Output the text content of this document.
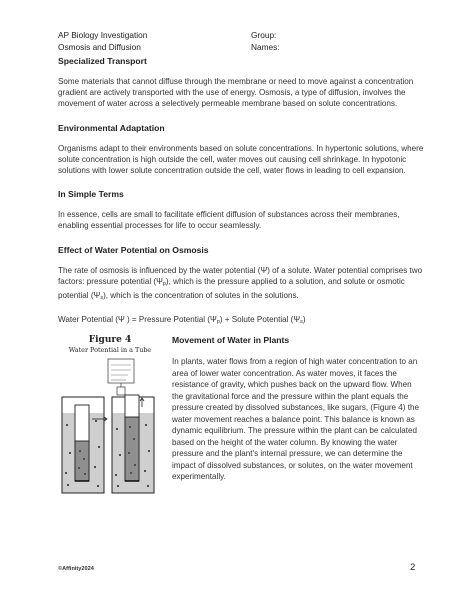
AP Biology Investigation
Osmosis and Diffusion
Group:
Names:
Specialized Transport

Some materials that cannot diffuse through the membrane or need to move against a concentration gradient are actively transported with the use of energy. Osmosis, a type of diffusion, involves the movement of water across a selectively permeable membrane based on solute concentrations.

Environmental Adaptation

Organisms adapt to their environments based on solute concentrations. In hypertonic solutions, where solute concentration is high outside the cell, water moves out causing cell shrinkage. In hypotonic solutions with lower solute concentration outside the cell, water flows in leading to cell expansion.

In Simple Terms

In essence, cells are small to facilitate efficient diffusion of substances across their membranes, enabling essential processes for life to occur seamlessly.

Effect of Water Potential on Osmosis

The rate of osmosis is influenced by the water potential (Ψ) of a solute. Water potential comprises two factors: pressure potential $(\Psi_p)$, which is the pressure applied to a solution, and solute or osmotic potential $(\Psi_s)$, which is the concentration of solutes in the solutions.

Water Potential (Ψ ) = Pressure Potential $(\Psi_p)$ + Solute Potential $(\Psi_s)$
Figure 4
Water Potential in a Tube
Movement of Water in Plants

In plants, water flows from a region of high water concentration to an area of lower water concentration. As water moves, it faces the resistance of gravity, which pushes back on the upward flow. When the gravitational force and the pressure within the plant equals the pressure created by dissolved substances, like sugars, (Figure 4) the water movement reaches a balance point. This balance is known as dynamic equilibrium. The pressure within the plant can be calculated based on the height of the water column. By knowing the water pressure and the plant's internal pressure, we can determine the impact of dissolved substances, or solutes, on the water movement experimentally.

©Affinity2024	2
